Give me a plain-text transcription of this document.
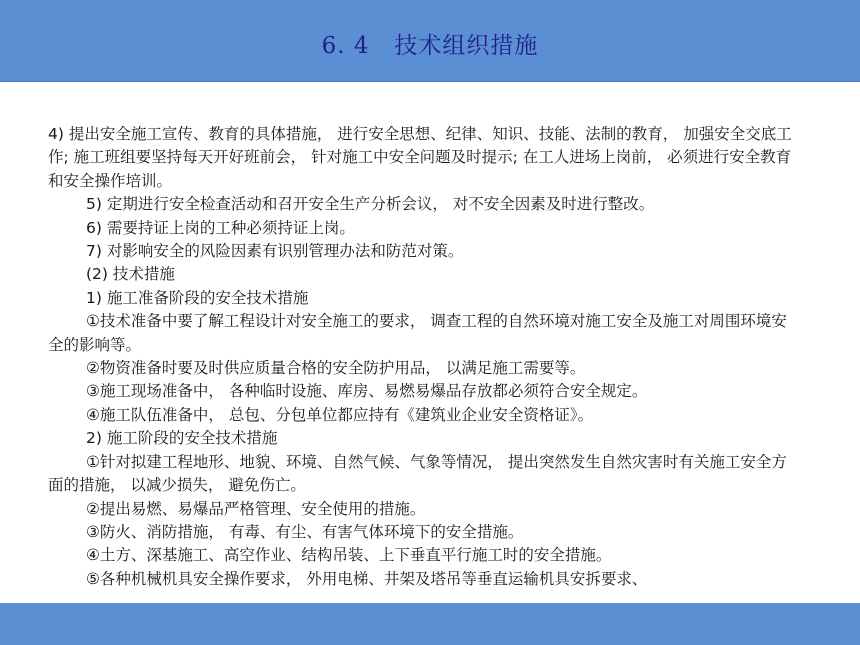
6. 4   技术组织措施

4) 提出安全施工宣传、教育的具体措施， 进行安全思想、纪律、知识、技能、法制的教育， 加强安全交底工作; 施工班组要坚持每天开好班前会， 针对施工中安全问题及时提示; 在工人进场上岗前， 必须进行安全教育和安全操作培训。

5) 定期进行安全检查活动和召开安全生产分析会议， 对不安全因素及时进行整改。

6) 需要持证上岗的工种必须持证上岗。

7) 对影响安全的风险因素有识别管理办法和防范对策。

(2) 技术措施

1) 施工准备阶段的安全技术措施

①技术准备中要了解工程设计对安全施工的要求， 调查工程的自然环境对施工安全及施工对周围环境安全的影响等。

②物资准备时要及时供应质量合格的安全防护用品， 以满足施工需要等。

③施工现场准备中， 各种临时设施、库房、易燃易爆品存放都必须符合安全规定。

④施工队伍准备中， 总包、分包单位都应持有《建筑业企业安全资格证》。

2) 施工阶段的安全技术措施

①针对拟建工程地形、地貌、环境、自然气候、气象等情况， 提出突然发生自然灾害时有关施工安全方面的措施， 以减少损失， 避免伤亡。

②提出易燃、易爆品严格管理、安全使用的措施。

③防火、消防措施， 有毒、有尘、有害气体环境下的安全措施。

④土方、深基施工、高空作业、结构吊装、上下垂直平行施工时的安全措施。

⑤各种机械机具安全操作要求， 外用电梯、井架及塔吊等垂直运输机具安拆要求、
